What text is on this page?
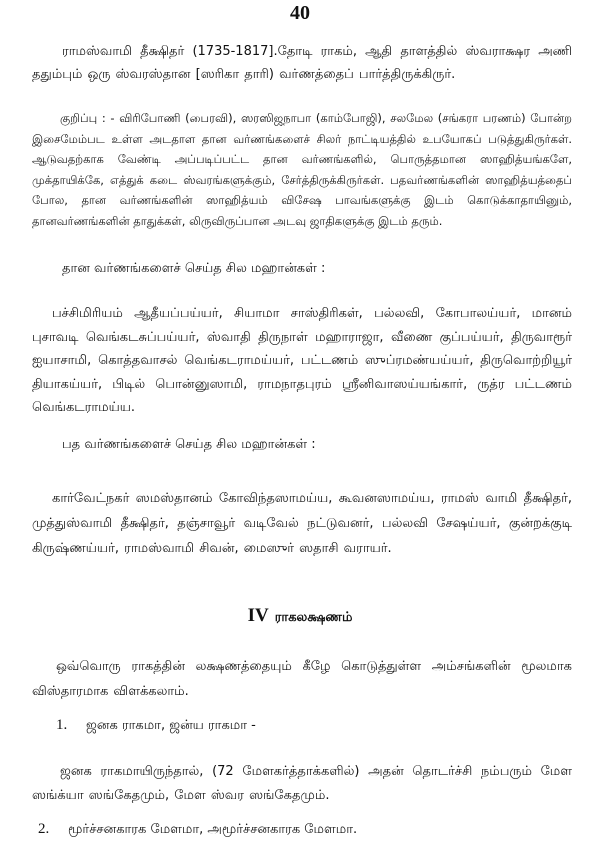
40

ராமஸ்வாமி தீக்ஷிதர் (1735-1817].தோடி ராகம், ஆதி தாளத்தில் ஸ்வராக்ஷர அணி ததும்பும் ஒரு ஸ்வரஸ்தான [ஸரிகா தாரி) வர்ணத்தைப் பார்த்திருக்கிருர்.

குறிப்பு : - விரிபோணி (பைரவி), ஸரஸிஜநாபா (காம்போஜி), சலமேல (சங்கரா பரணம்) போன்ற இசைமேம்பட உள்ள அடதாள தான வர்ணங்களைச் சிலர் நாட்டியத்தில் உபயோகப் படுத்துகிருர்கள். ஆடுவதற்காக வேண்டி அப்படிப்பட்ட தான வர்ணங்களில், பொருத்தமான ஸாஹித்யங்களே, முக்தாயிக்கே, எத்துக் கடை ஸ்வரங்களுக்கும், சேர்த்திருக்கிருர்கள். பதவர்ணங்களின் ஸாஹித்யத்தைப் போல, தான வர்ணங்களின் ஸாஹித்யம் விசேஷ பாவங்களுக்கு இடம் கொடுக்காதாயினும், தானவர்ணங்களின் தாதுக்கள், லிருவிருப்பான அடவு ஜாதிகளுக்கு இடம் தரும்.

தான வர்ணங்களைச் செய்த சில மஹான்கள் :

பச்சிமிரியம் ஆதீயப்பய்யர், சியாமா சாஸ்திரிகள், பல்லவி, கோபாலய்யர், மானம் புசாவடி வெங்கடசுப்பய்யர், ஸ்வாதி திருநாள் மஹாராஜா, வீணை குப்பய்யர், திருவாரூர் ஐயாசாமி, கொத்தவாசல் வெங்கடராமய்யர், பட்டணம் ஸுப்ரமண்யய்யர், திருவொற்றியூர் தியாகய்யர், பிடில் பொன்னுஸாமி, ராமநாதபுரம் ஸ்ரீனிவாஸய்யங்கார், ருத்ர பட்டணம் வெங்கடராமய்ய.

பத வர்ணங்களைச் செய்த சில மஹான்கள் :

கார்வேட்நகர் ஸமஸ்தானம் கோவிந்தஸாமய்ய, கூவனஸாமய்ய, ராமஸ் வாமி தீக்ஷிதர், முத்துஸ்வாமி தீக்ஷிதர், தஞ்சாவூர் வடிவேல் நட்டுவனர், பல்லவி சேஷய்யர், குன்றக்குடி கிருஷ்ணய்யர், ராமஸ்வாமி சிவன், மைஸுர் ஸதாசி வராயர்.

IV ராகலக்ஷணம்

ஒவ்வொரு ராகத்தின் லக்ஷணத்தையும் கீழே கொடுத்துள்ள அம்சங்களின் மூலமாக விஸ்தாரமாக விளக்கலாம்.

1. ஜனக ராகமா, ஜன்ய ராகமா -

ஜனக ராகமாயிருந்தால், (72 மேளகர்த்தாக்களில்) அதன் தொடர்ச்சி நம்பரும் மேள ஸங்க்யா ஸங்கேதமும், மேள ஸ்வர ஸங்கேதமும்.

2. மூர்ச்சனகாரக மேளமா, அமூர்ச்சனகாரக மேளமா.
